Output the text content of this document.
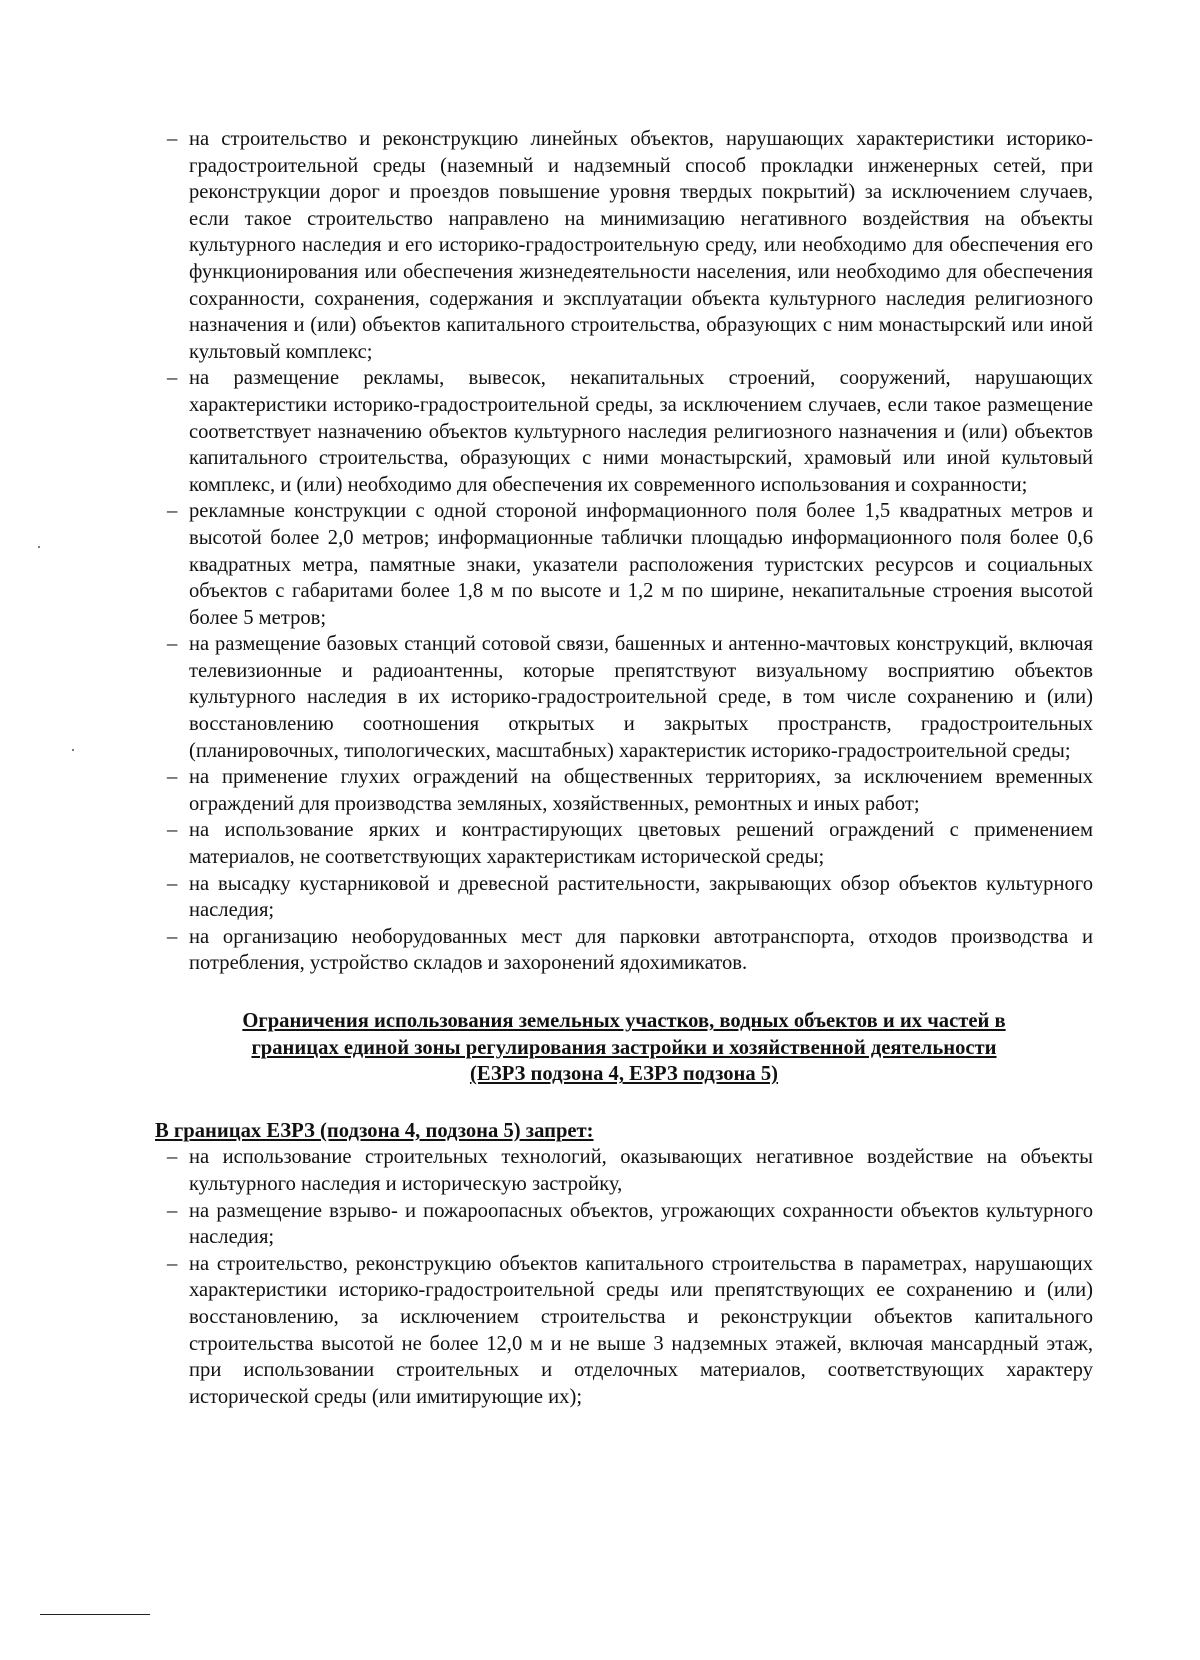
– на строительство и реконструкцию линейных объектов, нарушающих характеристики историко-градостроительной среды (наземный и надземный способ прокладки инженерных сетей, при реконструкции дорог и проездов повышение уровня твердых покрытий) за исключением случаев, если такое строительство направлено на минимизацию негативного воздействия на объекты культурного наследия и его историко-градостроительную среду, или необходимо для обеспечения его функционирования или обеспечения жизнедеятельности населения, или необходимо для обеспечения сохранности, сохранения, содержания и эксплуатации объекта культурного наследия религиозного назначения и (или) объектов капитального строительства, образующих с ним монастырский или иной культовый комплекс;
– на размещение рекламы, вывесок, некапитальных строений, сооружений, нарушающих характеристики историко-градостроительной среды, за исключением случаев, если такое размещение соответствует назначению объектов культурного наследия религиозного назначения и (или) объектов капитального строительства, образующих с ними монастырский, храмовый или иной культовый комплекс, и (или) необходимо для обеспечения их современного использования и сохранности;
– рекламные конструкции с одной стороной информационного поля более 1,5 квадратных метров и высотой более 2,0 метров; информационные таблички площадью информационного поля более 0,6 квадратных метра, памятные знаки, указатели расположения туристских ресурсов и социальных объектов с габаритами более 1,8 м по высоте и 1,2 м по ширине, некапитальные строения высотой более 5 метров;
– на размещение базовых станций сотовой связи, башенных и антенно-мачтовых конструкций, включая телевизионные и радиоантенны, которые препятствуют визуальному восприятию объектов культурного наследия в их историко-градостроительной среде, в том числе сохранению и (или) восстановлению соотношения открытых и закрытых пространств, градостроительных (планировочных, типологических, масштабных) характеристик историко-градостроительной среды;
– на применение глухих ограждений на общественных территориях, за исключением временных ограждений для производства земляных, хозяйственных, ремонтных и иных работ;
– на использование ярких и контрастирующих цветовых решений ограждений с применением материалов, не соответствующих характеристикам исторической среды;
– на высадку кустарниковой и древесной растительности, закрывающих обзор объектов культурного наследия;
– на организацию необорудованных мест для парковки автотранспорта, отходов производства и потребления, устройство складов и захоронений ядохимикатов.
Ограничения использования земельных участков, водных объектов и их частей в
границах единой зоны регулирования застройки и хозяйственной деятельности
(ЕЗРЗ подзона 4, ЕЗРЗ подзона 5)
В границах ЕЗРЗ (подзона 4, подзона 5) запрет:
– на использование строительных технологий, оказывающих негативное воздействие на объекты культурного наследия и историческую застройку,
– на размещение взрыво- и пожароопасных объектов, угрожающих сохранности объектов культурного наследия;
– на строительство, реконструкцию объектов капитального строительства в параметрах, нарушающих характеристики историко-градостроительной среды или препятствующих ее сохранению и (или) восстановлению, за исключением строительства и реконструкции объектов капитального строительства высотой не более 12,0 м и не выше 3 надземных этажей, включая мансардный этаж, при использовании строительных и отделочных материалов, соответствующих характеру исторической среды (или имитирующие их);
